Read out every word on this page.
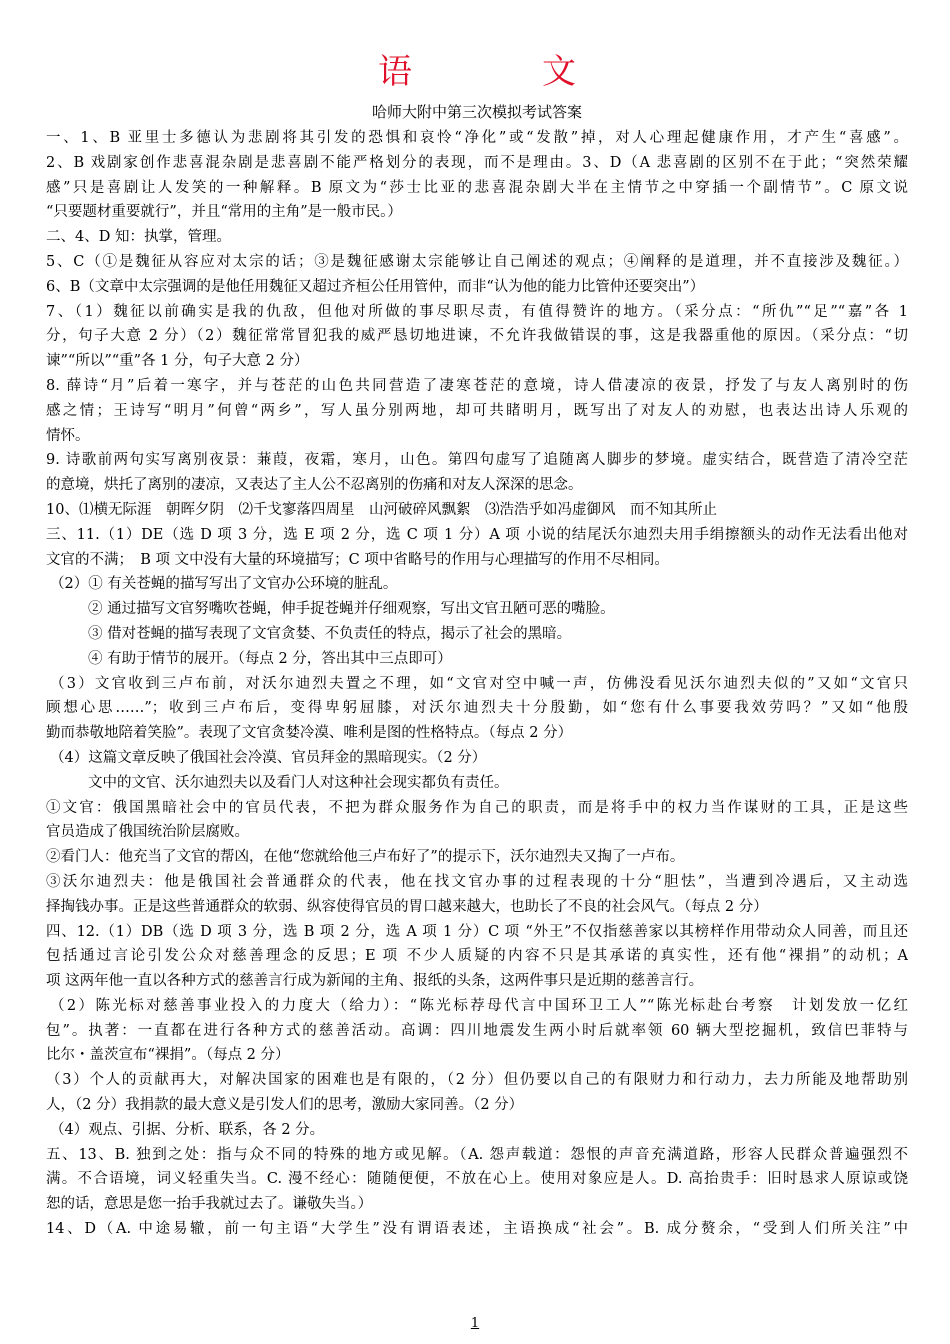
语文

哈师大附中第三次模拟考试答案

一、1、B 亚里士多德认为悲剧将其引发的恐惧和哀怜“净化”或“发散”掉，对人心理起健康作用，才产生“喜感”。
2、B 戏剧家创作悲喜混杂剧是悲喜剧不能严格划分的表现，而不是理由。3、D（A 悲喜剧的区别不在于此；“突然荣耀
感”只是喜剧让人发笑的一种解释。B 原文为“莎士比亚的悲喜混杂剧大半在主情节之中穿插一个副情节”。C 原文说
“只要题材重要就行”，并且“常用的主角”是一般市民。）
二、4、D 知：执掌，管理。
5、C（①是魏征从容应对太宗的话；③是魏征感谢太宗能够让自己阐述的观点；④阐释的是道理，并不直接涉及魏征。）
6、B（文章中太宗强调的是他任用魏征又超过齐桓公任用管仲，而非“认为他的能力比管仲还要突出”）
7、（1）魏征以前确实是我的仇敌，但他对所做的事尽职尽责，有值得赞许的地方。（采分点：“所仇”“足”“嘉”各 1
分，句子大意 2 分）（2）魏征常常冒犯我的威严恳切地进谏，不允许我做错误的事，这是我器重他的原因。（采分点：“切
谏”“所以”“重”各 1 分，句子大意 2 分）
8. 薛诗“月”后着一寒字，并与苍茫的山色共同营造了凄寒苍茫的意境，诗人借凄凉的夜景，抒发了与友人离别时的伤
感之情；王诗写“明月”何曾“两乡”，写人虽分别两地，却可共睹明月，既写出了对友人的劝慰，也表达出诗人乐观的
情怀。
9. 诗歌前两句实写离别夜景：蒹葭，夜霜，寒月，山色。第四句虚写了追随离人脚步的梦境。虚实结合，既营造了清冷空茫
的意境，烘托了离别的凄凉，又表达了主人公不忍离别的伤痛和对友人深深的思念。
10、⑴横无际涯　朝晖夕阴　⑵千戈寥落四周星　山河破碎风飘絮　⑶浩浩乎如冯虚御风　而不知其所止
三、11.（1）DE（选 D 项 3 分，选 E 项 2 分，选 C 项 1 分）A 项 小说的结尾沃尔迪烈夫用手绢擦额头的动作无法看出他对
文官的不满；　B 项 文中没有大量的环境描写；C 项中省略号的作用与心理描写的作用不尽相同。
（2）① 有关苍蝇的描写写出了文官办公环境的脏乱。
② 通过描写文官努嘴吹苍蝇，伸手捉苍蝇并仔细观察，写出文官丑陋可恶的嘴脸。
③ 借对苍蝇的描写表现了文官贪婪、不负责任的特点，揭示了社会的黑暗。
④ 有助于情节的展开。（每点 2 分，答出其中三点即可）
（3）文官收到三卢布前，对沃尔迪烈夫置之不理，如“文官对空中喊一声，仿佛没看见沃尔迪烈夫似的”又如“文官只
顾想心思……”；收到三卢布后，变得卑躬屈膝，对沃尔迪烈夫十分殷勤，如“您有什么事要我效劳吗？”又如“他殷
勤而恭敬地陪着笑脸”。表现了文官贪婪冷漠、唯利是图的性格特点。（每点 2 分）
（4）这篇文章反映了俄国社会冷漠、官员拜金的黑暗现实。（2 分）
文中的文官、沃尔迪烈夫以及看门人对这种社会现实都负有责任。
①文官：俄国黑暗社会中的官员代表，不把为群众服务作为自己的职责，而是将手中的权力当作谋财的工具，正是这些
官员造成了俄国统治阶层腐败。
②看门人：他充当了文官的帮凶，在他“您就给他三卢布好了”的提示下，沃尔迪烈夫又掏了一卢布。
③沃尔迪烈夫：他是俄国社会普通群众的代表，他在找文官办事的过程表现的十分“胆怯”，当遭到冷遇后，又主动选
择掏钱办事。正是这些普通群众的软弱、纵容使得官员的胃口越来越大，也助长了不良的社会风气。（每点 2 分）
四、12.（1）DB（选 D 项 3 分，选 B 项 2 分，选 A 项 1 分）C 项 “外王”不仅指慈善家以其榜样作用带动众人同善，而且还
包括通过言论引发公众对慈善理念的反思；E 项 不少人质疑的内容不只是其承诺的真实性，还有他“裸捐”的动机；A
项 这两年他一直以各种方式的慈善言行成为新闻的主角、报纸的头条，这两件事只是近期的慈善言行。
（2）陈光标对慈善事业投入的力度大（给力）：“陈光标荐母代言中国环卫工人”“陈光标赴台考察　计划发放一亿红
包”。执著：一直都在进行各种方式的慈善活动。高调：四川地震发生两小时后就率领 60 辆大型挖掘机，致信巴菲特与
比尔・盖茨宣布“裸捐”。（每点 2 分）
（3）个人的贡献再大，对解决国家的困难也是有限的，（2 分）但仍要以自己的有限财力和行动力，去力所能及地帮助别
人，（2 分）我捐款的最大意义是引发人们的思考，激励大家同善。（2 分）
（4）观点、引据、分析、联系，各 2 分。
五、13、B. 独到之处：指与众不同的特殊的地方或见解。（A. 怨声载道：怨恨的声音充满道路，形容人民群众普遍强烈不
满。不合语境，词义轻重失当。C. 漫不经心：随随便便，不放在心上。使用对象应是人。D. 高抬贵手：旧时恳求人原谅或饶
恕的话，意思是您一抬手我就过去了。谦敬失当。）
14、D（A. 中途易辙，前一句主语“大学生”没有谓语表述，主语换成“社会”。B. 成分赘余，“受到人们所关注”中
1
